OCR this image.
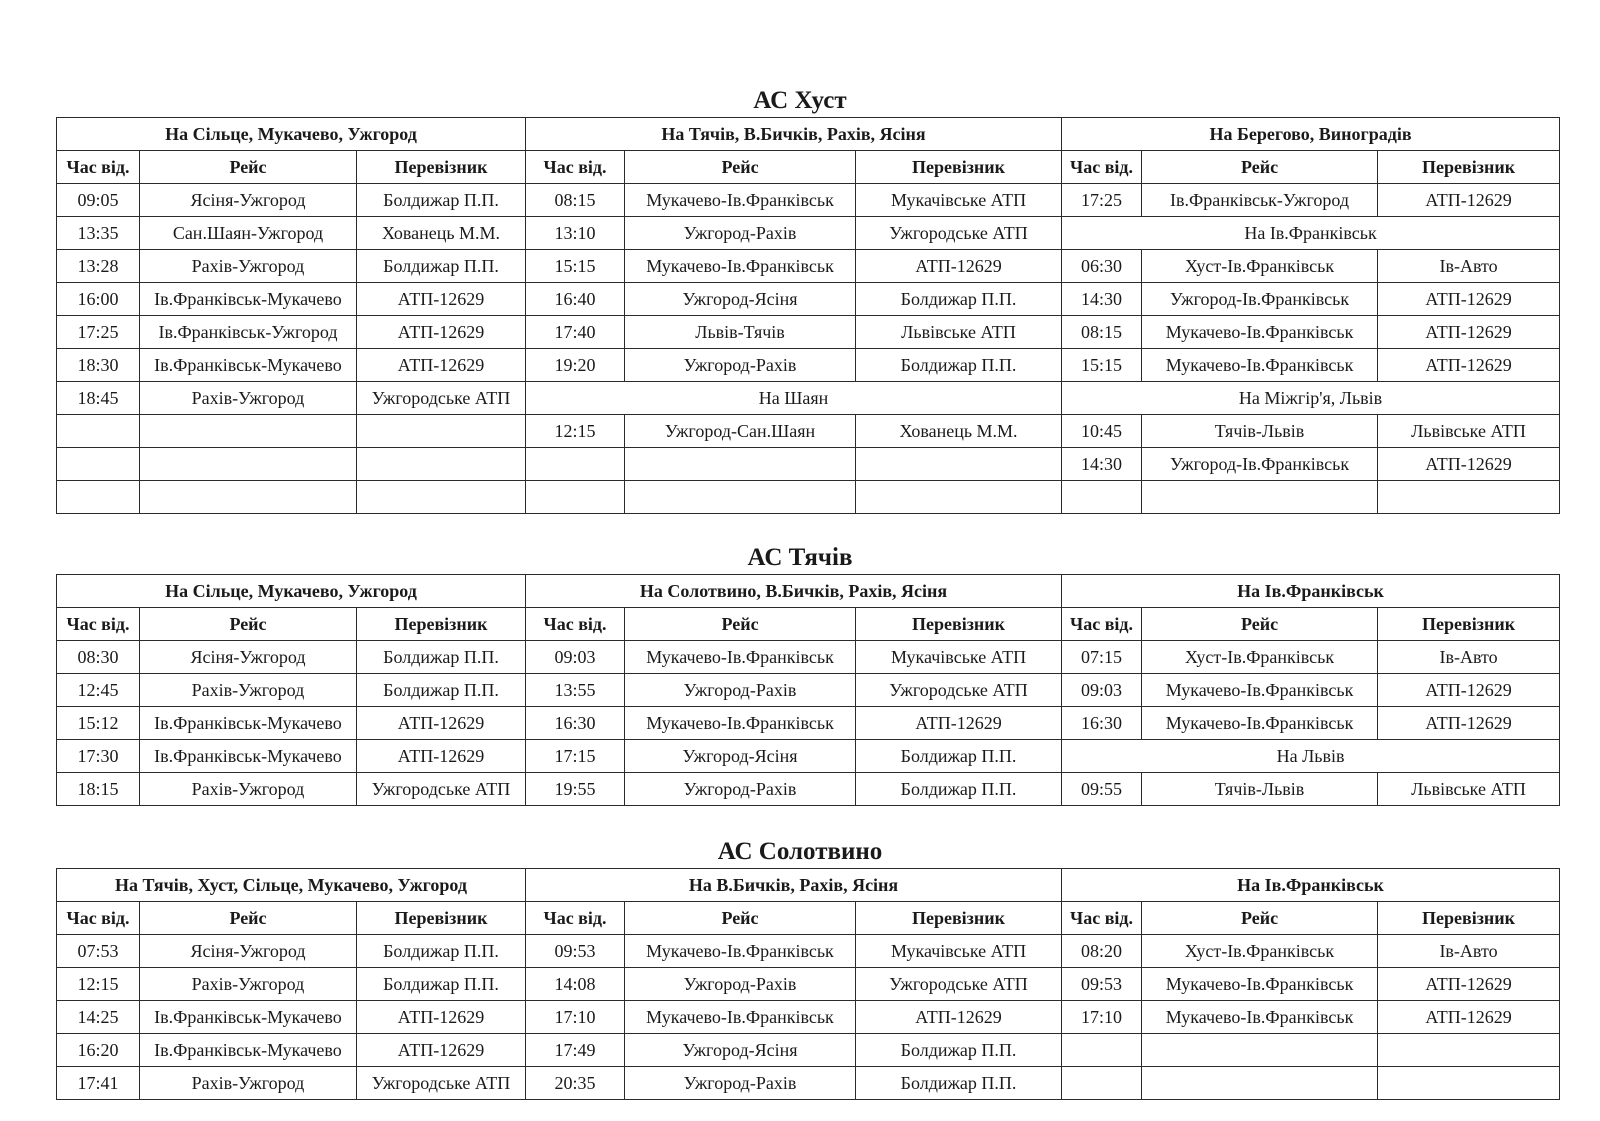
АС Хуст
На Сільце, Мукачево, Ужгород			На Тячів, В.Бичків, Рахів, Ясіня			На Берегово, Виноградів		
Час від.	Рейс	Перевізник	Час від.	Рейс	Перевізник	Час від.	Рейс	Перевізник
09:05	Ясіня-Ужгород	Болдижар П.П.	08:15	Мукачево-Ів.Франківськ	Мукачівське АТП	17:25	Ів.Франківськ-Ужгород	АТП-12629
13:35	Сан.Шаян-Ужгород	Хованець М.М.	13:10	Ужгород-Рахів	Ужгородське АТП	На Ів.Франківськ		
13:28	Рахів-Ужгород	Болдижар П.П.	15:15	Мукачево-Ів.Франківськ	АТП-12629	06:30	Хуст-Ів.Франківськ	Ів-Авто
16:00	Ів.Франківськ-Мукачево	АТП-12629	16:40	Ужгород-Ясіня	Болдижар П.П.	14:30	Ужгород-Ів.Франківськ	АТП-12629
17:25	Ів.Франківськ-Ужгород	АТП-12629	17:40	Львів-Тячів	Львівське АТП	08:15	Мукачево-Ів.Франківськ	АТП-12629
18:30	Ів.Франківськ-Мукачево	АТП-12629	19:20	Ужгород-Рахів	Болдижар П.П.	15:15	Мукачево-Ів.Франківськ	АТП-12629
18:45	Рахів-Ужгород	Ужгородське АТП	На Шаян			На Міжгір'я, Львів		
			12:15	Ужгород-Сан.Шаян	Хованець М.М.	10:45	Тячів-Львів	Львівське АТП
						14:30	Ужгород-Ів.Франківськ	АТП-12629

АС Тячів
На Сільце, Мукачево, Ужгород			На Солотвино, В.Бичків, Рахів, Ясіня			На Ів.Франківськ		
Час від.	Рейс	Перевізник	Час від.	Рейс	Перевізник	Час від.	Рейс	Перевізник
08:30	Ясіня-Ужгород	Болдижар П.П.	09:03	Мукачево-Ів.Франківськ	Мукачівське АТП	07:15	Хуст-Ів.Франківськ	Ів-Авто
12:45	Рахів-Ужгород	Болдижар П.П.	13:55	Ужгород-Рахів	Ужгородське АТП	09:03	Мукачево-Ів.Франківськ	АТП-12629
15:12	Ів.Франківськ-Мукачево	АТП-12629	16:30	Мукачево-Ів.Франківськ	АТП-12629	16:30	Мукачево-Ів.Франківськ	АТП-12629
17:30	Ів.Франківськ-Мукачево	АТП-12629	17:15	Ужгород-Ясіня	Болдижар П.П.	На Львів		
18:15	Рахів-Ужгород	Ужгородське АТП	19:55	Ужгород-Рахів	Болдижар П.П.	09:55	Тячів-Львів	Львівське АТП
АС Солотвино
На Тячів, Хуст, Сільце, Мукачево, Ужгород			На В.Бичків, Рахів, Ясіня			На Ів.Франківськ		
Час від.	Рейс	Перевізник	Час від.	Рейс	Перевізник	Час від.	Рейс	Перевізник
07:53	Ясіня-Ужгород	Болдижар П.П.	09:53	Мукачево-Ів.Франківськ	Мукачівське АТП	08:20	Хуст-Ів.Франківськ	Ів-Авто
12:15	Рахів-Ужгород	Болдижар П.П.	14:08	Ужгород-Рахів	Ужгородське АТП	09:53	Мукачево-Ів.Франківськ	АТП-12629
14:25	Ів.Франківськ-Мукачево	АТП-12629	17:10	Мукачево-Ів.Франківськ	АТП-12629	17:10	Мукачево-Ів.Франківськ	АТП-12629
16:20	Ів.Франківськ-Мукачево	АТП-12629	17:49	Ужгород-Ясіня	Болдижар П.П.			
17:41	Рахів-Ужгород	Ужгородське АТП	20:35	Ужгород-Рахів	Болдижар П.П.			
